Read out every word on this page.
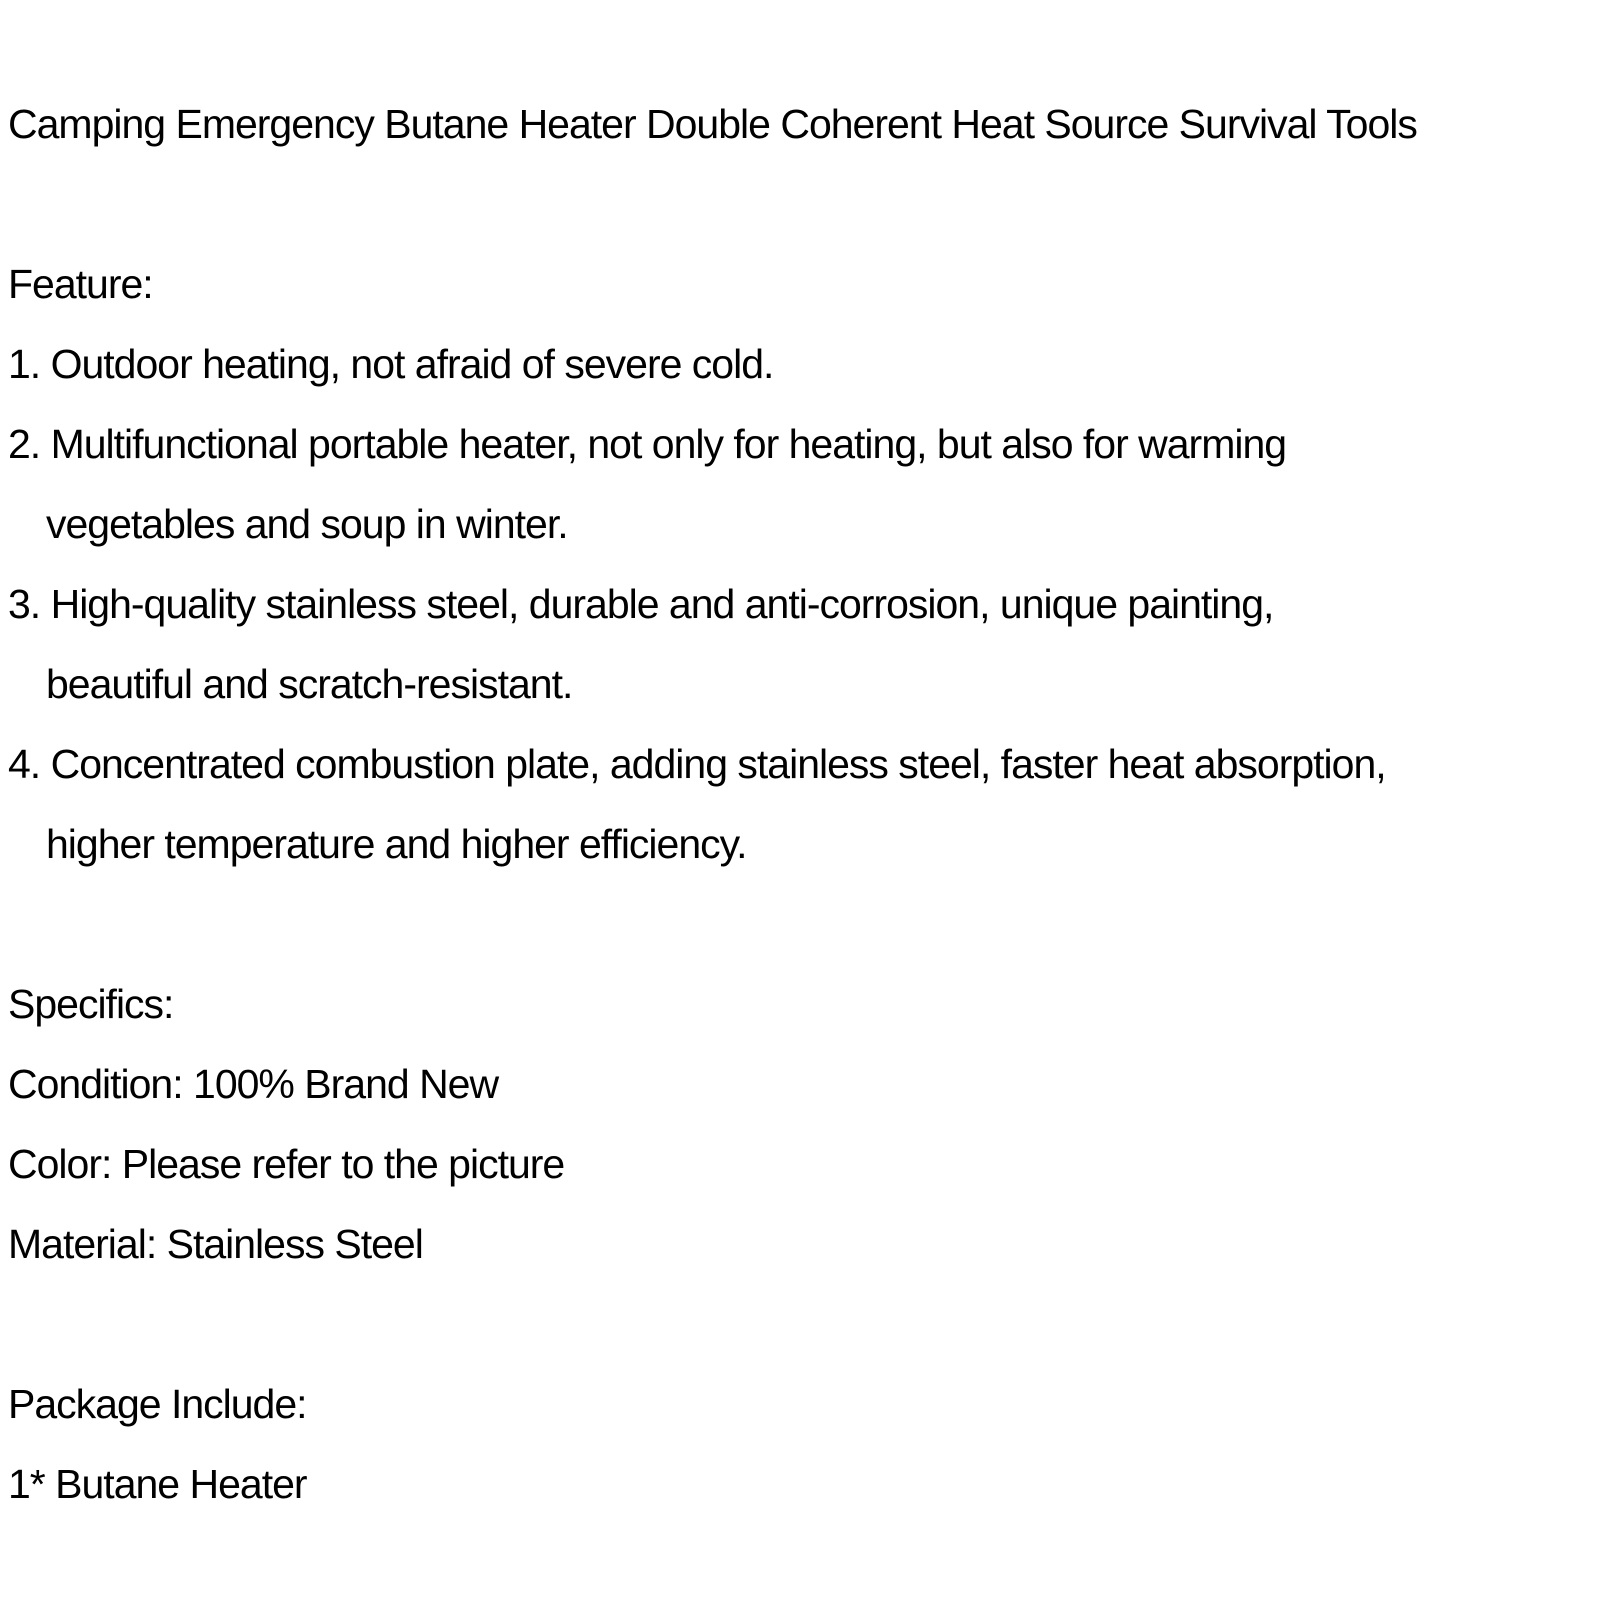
Camping Emergency Butane Heater Double Coherent Heat Source Survival Tools
Feature:
1. Outdoor heating, not afraid of severe cold.
2. Multifunctional portable heater, not only for heating, but also for warming
vegetables and soup in winter.
3. High-quality stainless steel, durable and anti-corrosion, unique painting,
beautiful and scratch-resistant.
4. Concentrated combustion plate, adding stainless steel, faster heat absorption,
higher temperature and higher efficiency.
Specifics:
Condition: 100% Brand New
Color: Please refer to the picture
Material: Stainless Steel
Package Include:
1* Butane Heater
